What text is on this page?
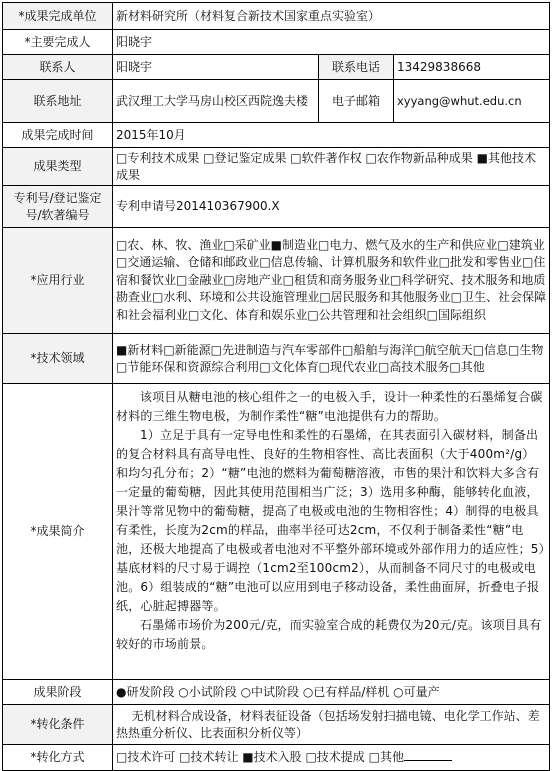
*成果完成单位	新材料研究所（材料复合新技术国家重点实验室）		
*主要完成人	阳晓宇		
联系人	阳晓宇	联系电话	13429838668
联系地址	武汉理工大学马房山校区西院逸夫楼	电子邮箱	xyyang@whut.edu.cn
成果完成时间	2015年10月		
成果类型	□专利技术成果 □登记鉴定成果 □软件著作权 □农作物新品种成果 ■其他技术成果		
专利号/登记鉴定号/软著编号	专利申请号201410367900.X		
*应用行业	□农、林、牧、渔业□采矿业■制造业□电力、燃气及水的生产和供应业□建筑业□交通运输、仓储和邮政业□信息传输、计算机服务和软件业□批发和零售业□住宿和餐饮业□金融业□房地产业□租赁和商务服务业□科学研究、技术服务和地质勘查业□水利、环境和公共设施管理业□居民服务和其他服务业□卫生、社会保障和社会福利业□文化、体育和娱乐业□公共管理和社会组织□国际组织		
*技术领域	■新材料□新能源□先进制造与汽车零部件□船舶与海洋□航空航天□信息□生物□节能环保和资源综合利用□文化体育□现代农业□高技术服务□其他		
*成果简介	该项目从糖电池的核心组件之一的电极入手，设计一种柔性的石墨烯复合碳材料的三维生物电极，为制作柔性“糖”电池提供有力的帮助。

1）立足于具有一定导电性和柔性的石墨烯，在其表面引入碳材料，制备出的复合材料具有高导电性、良好的生物相容性、高比表面积（大于400m²/g）和均匀孔分布；2）“糖”电池的燃料为葡萄糖溶液，市售的果汁和饮料大多含有一定量的葡萄糖，因此其使用范围相当广泛；3）选用多种酶，能够转化血液，果汁等常见物中的葡萄糖，提高了电极或电池的生物相容性；4）制得的电极具有柔性，长度为2cm的样品，曲率半径可达2cm，不仅利于制备柔性“糖”电池，还极大地提高了电极或者电池对不平整外部环境或外部作用力的适应性；5）基底材料的尺寸易于调控（1cm2至100cm2），从而制备不同尺寸的电极或电池。6）组装成的“糖”电池可以应用到电子移动设备，柔性曲面屏，折叠电子报纸，心脏起搏器等。

石墨烯市场价为200元/克，而实验室合成的耗费仅为20元/克。该项目具有较好的市场前景。		

成果阶段	●研发阶段 ○小试阶段 ○中试阶段 ○已有样品/样机 ○可量产		
*转化条件	无机材料合成设备，材料表征设备（包括场发射扫描电镜、电化学工作站、差热热重分析仪、比表面积分析仪等）		
*转化方式	□技术许可 □技术转让 ■技术入股 □技术提成 □其他		
